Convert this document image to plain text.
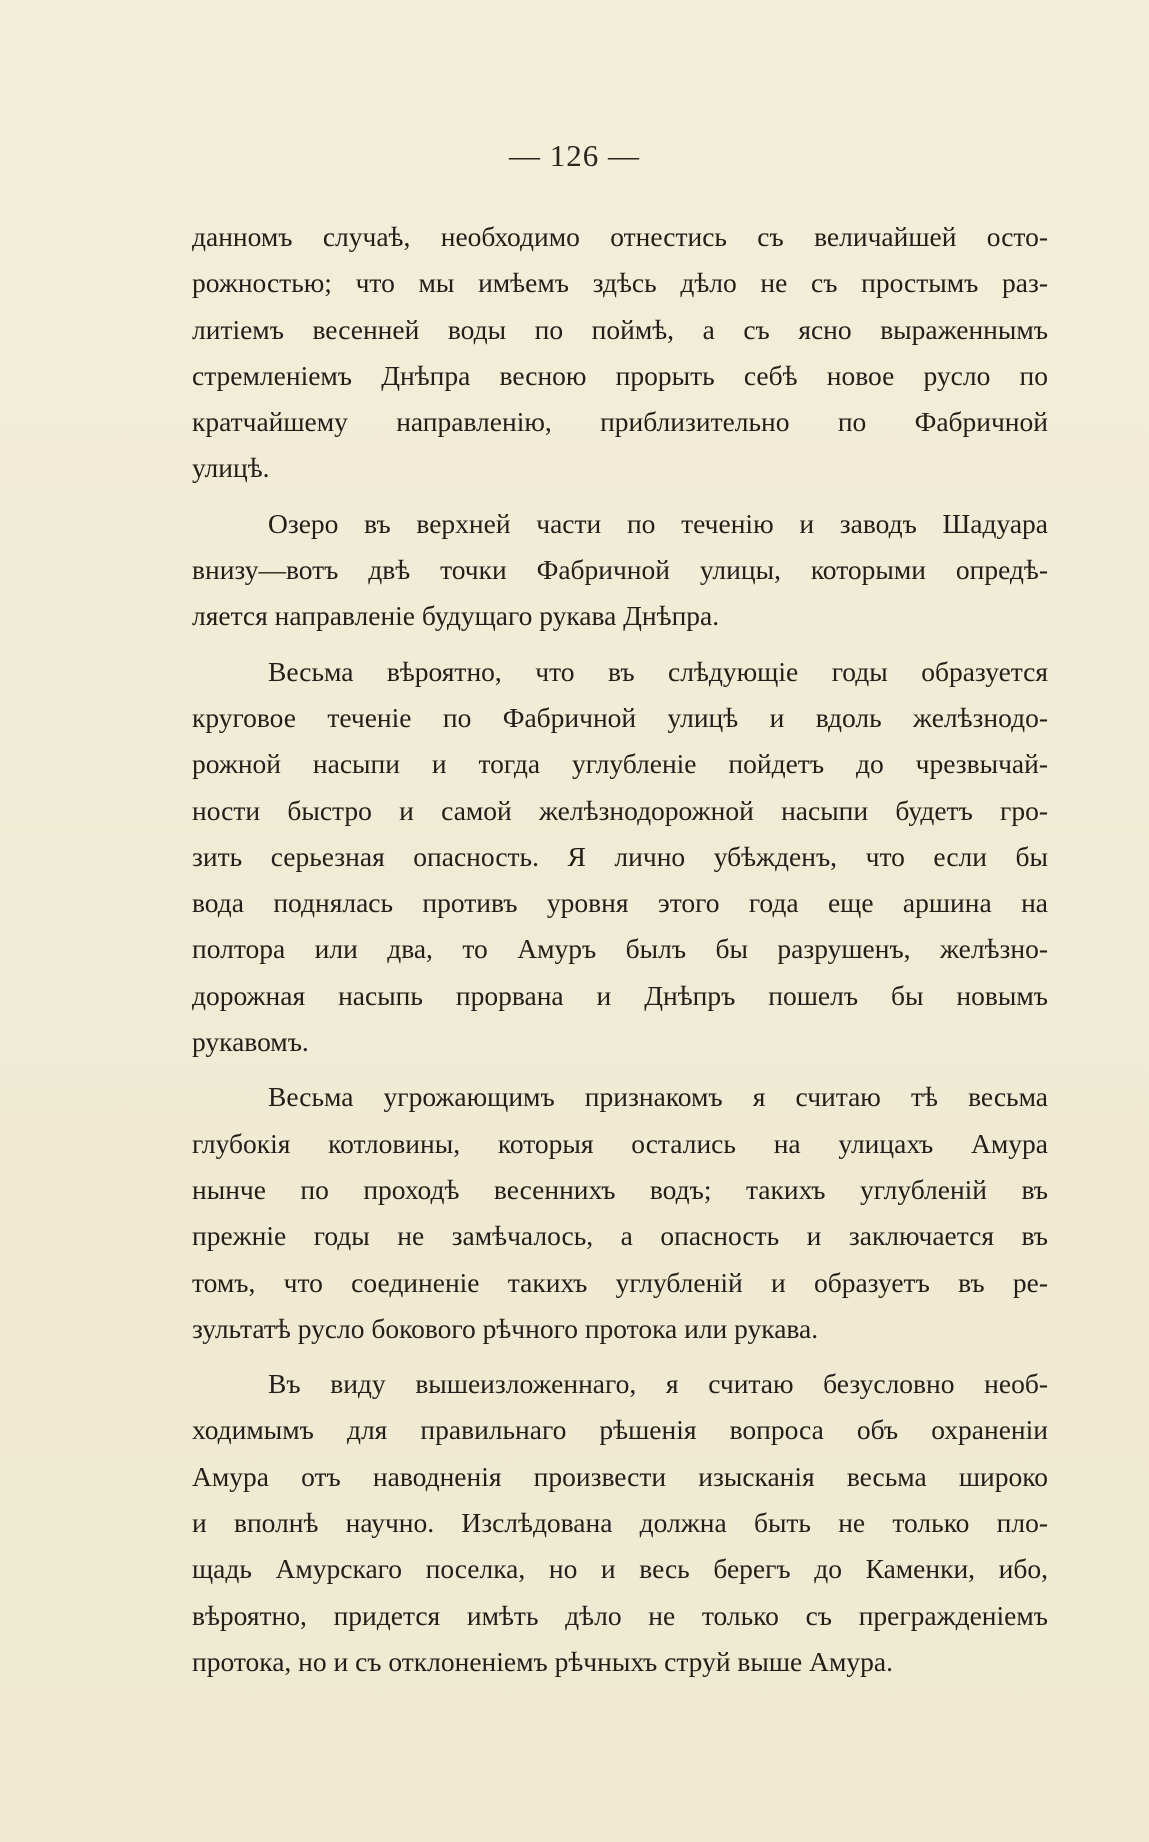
— 126 —
данномъ случаѣ, необходимо отнестись съ величайшей осто-
рожностью; что мы имѣемъ здѣсь дѣло не съ простымъ раз-
литіемъ весенней воды по поймѣ, а съ ясно выраженнымъ
стремленіемъ Днѣпра весною прорыть себѣ новое русло по
кратчайшему направленію, приблизительно по Фабричной
улицѣ.
Озеро въ верхней части по теченію и заводъ Шадуара
внизу—вотъ двѣ точки Фабричной улицы, которыми опредѣ-
ляется направленіе будущаго рукава Днѣпра.
Весьма вѣроятно, что въ слѣдующіе годы образуется
круговое теченіе по Фабричной улицѣ и вдоль желѣзнодо-
рожной насыпи и тогда углубленіе пойдетъ до чрезвычай-
ности быстро и самой желѣзнодорожной насыпи будетъ гро-
зить серьезная опасность. Я лично убѣжденъ, что если бы
вода поднялась противъ уровня этого года еще аршина на
полтора или два, то Амуръ былъ бы разрушенъ, желѣзно-
дорожная насыпь прорвана и Днѣпръ пошелъ бы новымъ
рукавомъ.
Весьма угрожающимъ признакомъ я считаю тѣ весьма
глубокія котловины, которыя остались на улицахъ Амура
нынче по проходѣ весеннихъ водъ; такихъ углубленій въ
прежніе годы не замѣчалось, а опасность и заключается въ
томъ, что соединеніе такихъ углубленій и образуетъ въ ре-
зультатѣ русло бокового рѣчного протока или рукава.
Въ виду вышеизложеннаго, я считаю безусловно необ-
ходимымъ для правильнаго рѣшенія вопроса объ охраненіи
Амура отъ наводненія произвести изысканія весьма широко
и вполнѣ научно. Изслѣдована должна быть не только пло-
щадь Амурскаго поселка, но и весь берегъ до Каменки, ибо,
вѣроятно, придется имѣть дѣло не только съ прегражденіемъ
протока, но и съ отклоненіемъ рѣчныхъ струй выше Амура.
